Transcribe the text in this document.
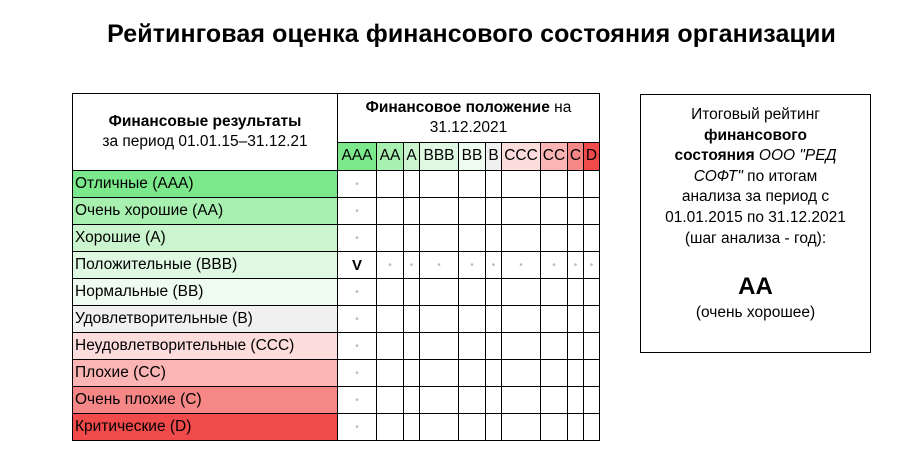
Рейтинговая оценка финансового состояния организации
Финансовые результаты
за период 01.01.15–31.12.21	Финансовое положение на
31.12.2021									
	AAA	AA	A	BBB	BB	B	CCC	CC	C	D
Отличные (AAA)	•									
Очень хорошие (AA)	•									
Хорошие (A)	•									
Положительные (BBB)	V	•	•	•	•	•	•	•	•	•
Нормальные (BB)	•									
Удовлетворительные (B)	•									
Неудовлетворительные (CCC)	•									
Плохие (CC)	•									
Очень плохие (C)	•									
Критические (D)	•									
Итоговый рейтинг
финансового
состояния ООО "РЕД
СОФТ" по итогам
анализа за период с
01.01.2015 по 31.12.2021
(шаг анализа - год):
AA
(очень хорошее)
